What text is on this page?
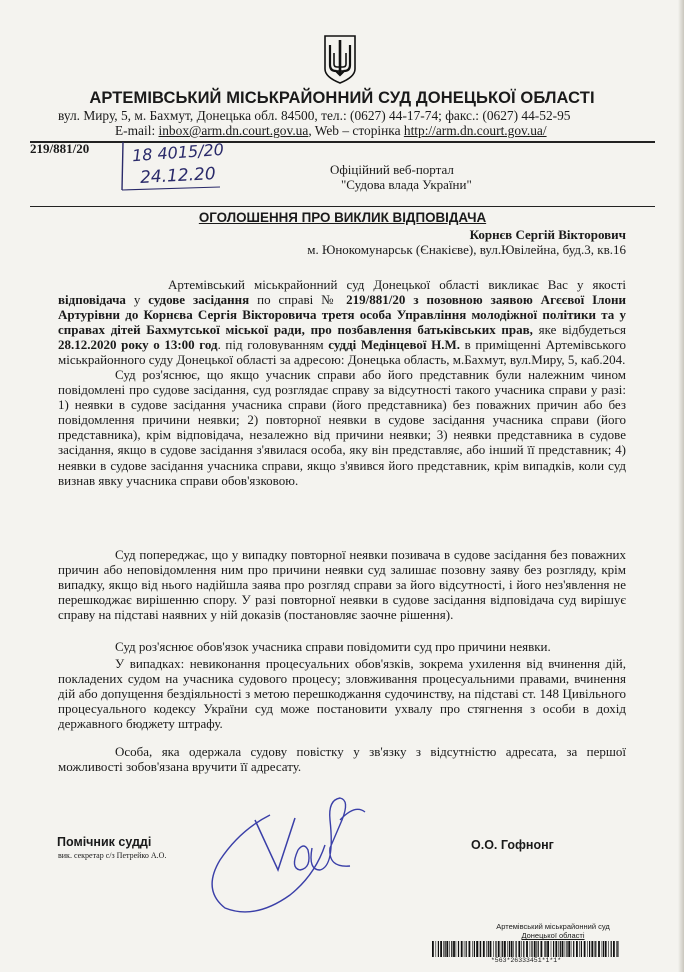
АРТЕМІВСЬКИЙ МІСЬКРАЙОННИЙ СУД ДОНЕЦЬКОЇ ОБЛАСТІ
вул. Миру, 5, м. Бахмут, Донецька обл. 84500, тел.: (0627) 44-17-74; факс.: (0627) 44-52-95
E-mail: inbox@arm.dn.court.gov.ua, Web – сторінка http://arm.dn.court.gov.ua/
219/881/20	18 4015/20
24.12.20	Офіційний веб-портал
"Судова влада України"
ОГОЛОШЕННЯ ПРО ВИКЛИК ВІДПОВІДАЧА
Корнєв Сергій Вікторович
м. Юнокомунарськ (Єнакієве), вул.Ювілейна, буд.3, кв.16

Артемівський міськрайонний суд Донецької області викликає Вас у якості відповідача у судове засідання по справі № 219/881/20 з позовною заявою Агєєвої Ілони Артурівни до Корнєва Сергія Вікторовича третя особа Управління молодіжної політики та у справах дітей Бахмутської міської ради, про позбавлення батьківських прав, яке відбудеться 28.12.2020 року о 13:00 год. під головуванням судді Медінцевої Н.М. в приміщенні Артемівського міськрайонного суду Донецької області за адресою: Донецька область, м.Бахмут, вул.Миру, 5, каб.204.

Суд роз'яснює, що якщо учасник справи або його представник були належним чином повідомлені про судове засідання, суд розглядає справу за відсутності такого учасника справи у разі: 1) неявки в судове засідання учасника справи (його представника) без поважних причин або без повідомлення причини неявки; 2) повторної неявки в судове засідання учасника справи (його представника), крім відповідача, незалежно від причини неявки; 3) неявки представника в судове засідання, якщо в судове засідання з'явилася особа, яку він представляє, або інший її представник; 4) неявки в судове засідання учасника справи, якщо з'явився його представник, крім випадків, коли суд визнав явку учасника справи обов'язковою.

Суд попереджає, що у випадку повторної неявки позивача в судове засідання без поважних причин або неповідомлення ним про причини неявки суд залишає позовну заяву без розгляду, крім випадку, якщо від нього надійшла заява про розгляд справи за його відсутності, і його нез'явлення не перешкоджає вирішенню спору. У разі повторної неявки в судове засідання відповідача суд вирішує справу на підставі наявних у ній доказів (постановляє заочне рішення).

Суд роз'яснює обов'язок учасника справи повідомити суд про причини неявки.

У випадках: невиконання процесуальних обов'язків, зокрема ухилення від вчинення дій, покладених судом на учасника судового процесу; зловживання процесуальними правами, вчинення дій або допущення бездіяльності з метою перешкоджання судочинству, на підставі ст. 148 Цивільного процесуального кодексу України суд може постановити ухвалу про стягнення з особи в дохід державного бюджету штрафу.

Особа, яка одержала судову повістку у зв'язку з відсутністю адресата, за першої можливості зобов'язана вручити її адресату.

Помічник судді
вик. секретар с/з Петрейко А.О.
О.О. Гофнонг
Артемівський міськрайонний суд
Донецької області
*563*26333451*1*1*
